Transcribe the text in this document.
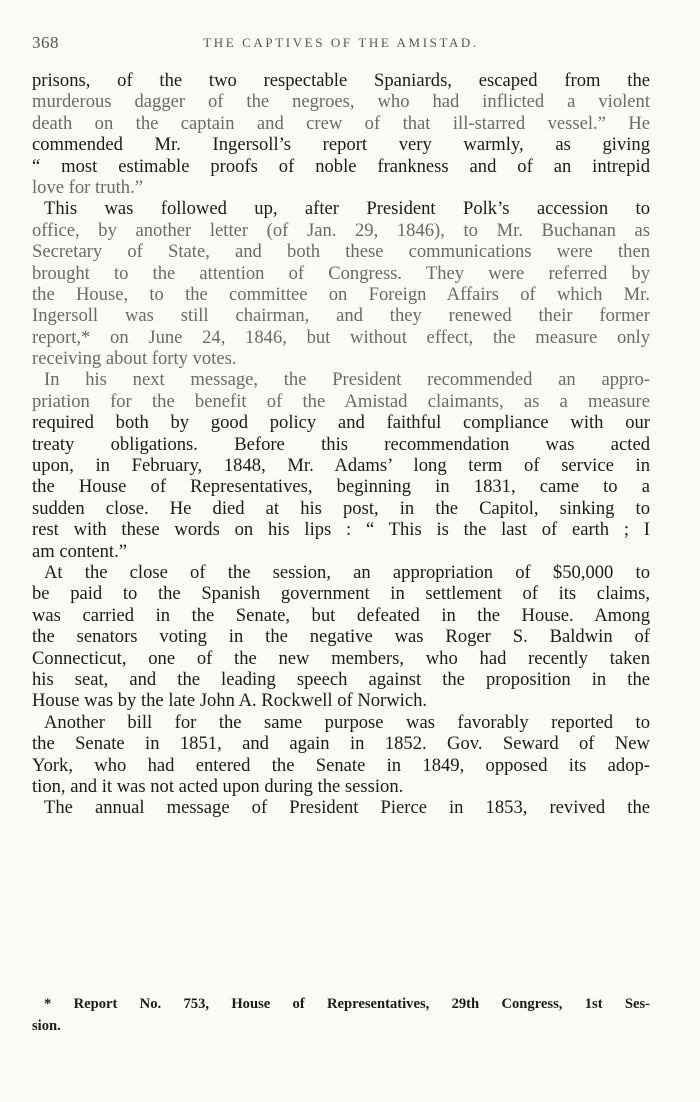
368	THE CAPTIVES OF THE AMISTAD.
prisons, of the two respectable Spaniards, escaped from the
murderous dagger of the negroes, who had inflicted a violent
death on the captain and crew of that ill-starred vessel.” He
commended Mr. Ingersoll’s report very warmly, as giving
“ most estimable proofs of noble frankness and of an intrepid
love for truth.”
This was followed up, after President Polk’s accession to
office, by another letter (of Jan. 29, 1846), to Mr. Buchanan as
Secretary of State, and both these communications were then
brought to the attention of Congress. They were referred by
the House, to the committee on Foreign Affairs of which Mr.
Ingersoll was still chairman, and they renewed their former
report,* on June 24, 1846, but without effect, the measure only
receiving about forty votes.
In his next message, the President recommended an appro-
priation for the benefit of the Amistad claimants, as a measure
required both by good policy and faithful compliance with our
treaty obligations. Before this recommendation was acted
upon, in February, 1848, Mr. Adams’ long term of service in
the House of Representatives, beginning in 1831, came to a
sudden close. He died at his post, in the Capitol, sinking to
rest with these words on his lips : “ This is the last of earth ; I
am content.”
At the close of the session, an appropriation of $50,000 to
be paid to the Spanish government in settlement of its claims,
was carried in the Senate, but defeated in the House. Among
the senators voting in the negative was Roger S. Baldwin of
Connecticut, one of the new members, who had recently taken
his seat, and the leading speech against the proposition in the
House was by the late John A. Rockwell of Norwich.
Another bill for the same purpose was favorably reported to
the Senate in 1851, and again in 1852. Gov. Seward of New
York, who had entered the Senate in 1849, opposed its adop-
tion, and it was not acted upon during the session.
The annual message of President Pierce in 1853, revived the
* Report No. 753, House of Representatives, 29th Congress, 1st Ses-
sion.
